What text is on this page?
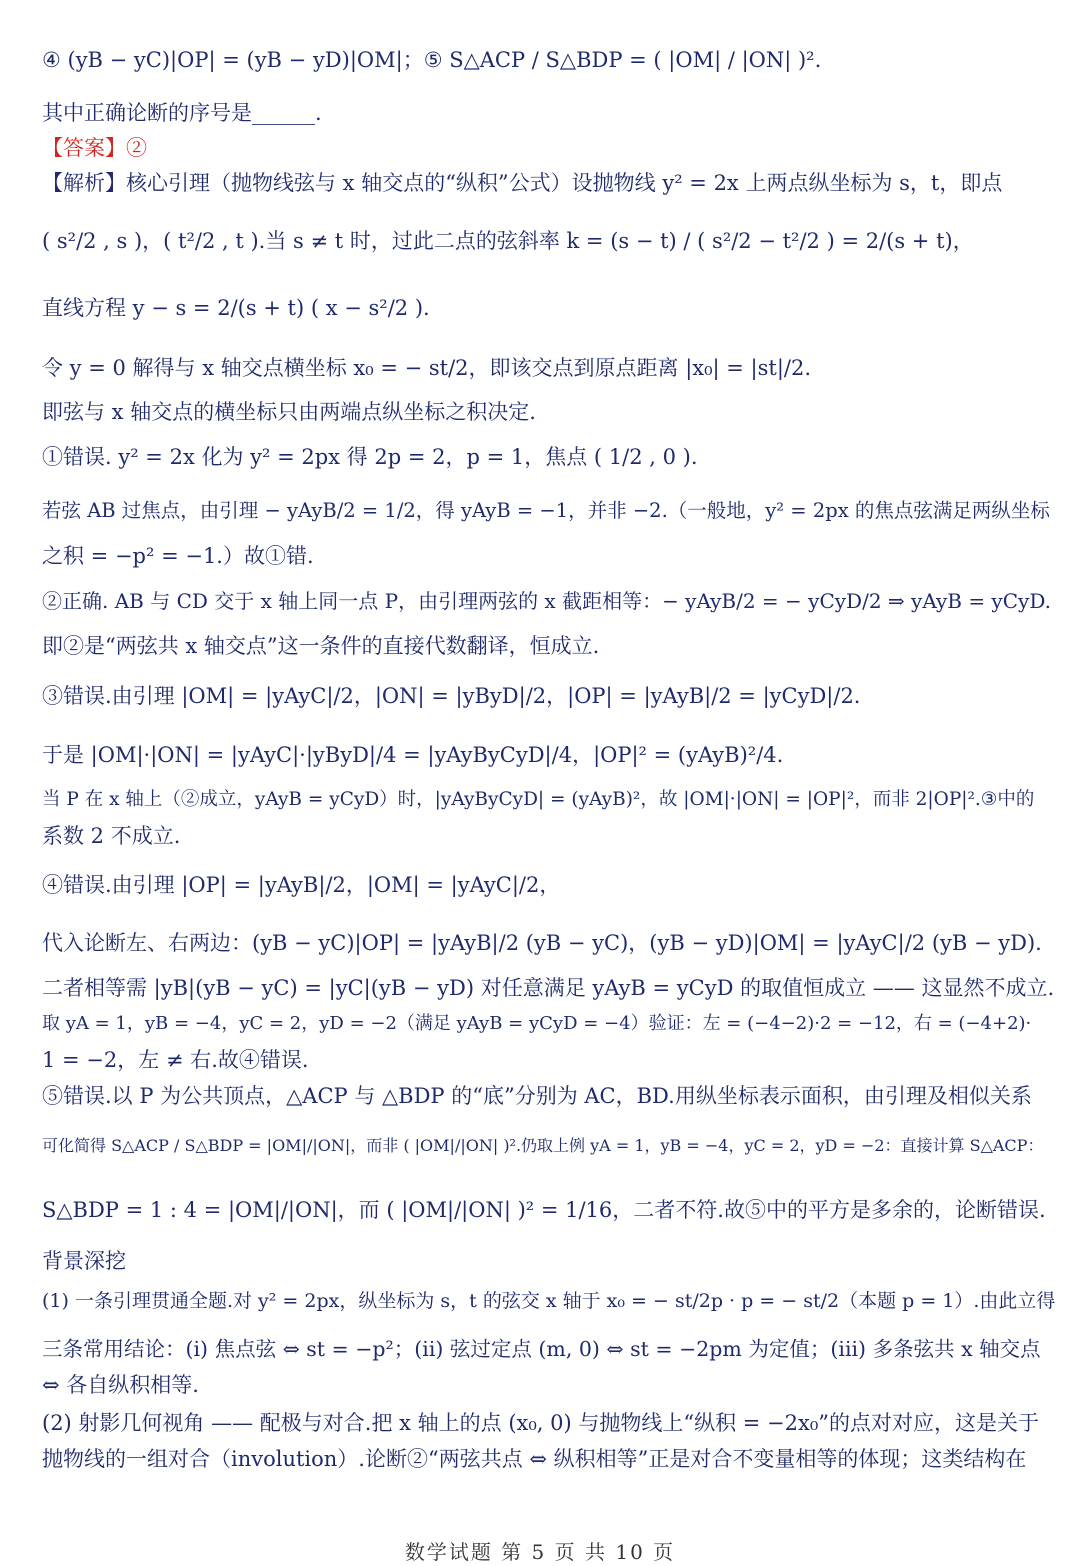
④ (yB − yC)|OP| = (yB − yD)|OM|；⑤ S△ACP / S△BDP = ( |OM| / |ON| )².
其中正确论断的序号是______.
【答案】②
【解析】核心引理（抛物线弦与 x 轴交点的“纵积”公式）设抛物线 y² = 2x 上两点纵坐标为 s，t，即点
( s²/2 , s )，( t²/2 , t ).当 s ≠ t 时，过此二点的弦斜率 k = (s − t) / ( s²/2 − t²/2 ) = 2/(s + t)，
直线方程 y − s = 2/(s + t) ( x − s²/2 ).
令 y = 0 解得与 x 轴交点横坐标 x₀ = − st/2，即该交点到原点距离 |x₀| = |st|/2.
即弦与 x 轴交点的横坐标只由两端点纵坐标之积决定.
①错误. y² = 2x 化为 y² = 2px 得 2p = 2，p = 1，焦点 ( 1/2 , 0 ).
若弦 AB 过焦点，由引理 − yAyB/2 = 1/2，得 yAyB = −1，并非 −2.（一般地，y² = 2px 的焦点弦满足两纵坐标
之积 = −p² = −1.）故①错.
②正确. AB 与 CD 交于 x 轴上同一点 P，由引理两弦的 x 截距相等：− yAyB/2 = − yCyD/2 ⇒ yAyB = yCyD.
即②是“两弦共 x 轴交点”这一条件的直接代数翻译，恒成立.
③错误.由引理 |OM| = |yAyC|/2，|ON| = |yByD|/2，|OP| = |yAyB|/2 = |yCyD|/2.
于是 |OM|·|ON| = |yAyC|·|yByD|/4 = |yAyByCyD|/4，|OP|² = (yAyB)²/4.
当 P 在 x 轴上（②成立，yAyB = yCyD）时，|yAyByCyD| = (yAyB)²，故 |OM|·|ON| = |OP|²，而非 2|OP|².③中的
系数 2 不成立.
④错误.由引理 |OP| = |yAyB|/2，|OM| = |yAyC|/2，
代入论断左、右两边：(yB − yC)|OP| = |yAyB|/2 (yB − yC)，(yB − yD)|OM| = |yAyC|/2 (yB − yD).
二者相等需 |yB|(yB − yC) = |yC|(yB − yD) 对任意满足 yAyB = yCyD 的取值恒成立 —— 这显然不成立.
取 yA = 1，yB = −4，yC = 2，yD = −2（满足 yAyB = yCyD = −4）验证：左 = (−4−2)·2 = −12，右 = (−4+2)·
1 = −2，左 ≠ 右.故④错误.
⑤错误.以 P 为公共顶点，△ACP 与 △BDP 的“底”分别为 AC，BD.用纵坐标表示面积，由引理及相似关系
可化简得 S△ACP / S△BDP = |OM|/|ON|，而非 ( |OM|/|ON| )².仍取上例 yA = 1，yB = −4，yC = 2，yD = −2：直接计算 S△ACP：
S△BDP = 1 : 4 = |OM|/|ON|，而 ( |OM|/|ON| )² = 1/16，二者不符.故⑤中的平方是多余的，论断错误.
背景深挖
(1) 一条引理贯通全题.对 y² = 2px，纵坐标为 s，t 的弦交 x 轴于 x₀ = − st/2p · p = − st/2（本题 p = 1）.由此立得
三条常用结论：(i) 焦点弦 ⇔ st = −p²；(ii) 弦过定点 (m, 0) ⇔ st = −2pm 为定值；(iii) 多条弦共 x 轴交点
⇔ 各自纵积相等.
(2) 射影几何视角 —— 配极与对合.把 x 轴上的点 (x₀, 0) 与抛物线上“纵积 = −2x₀”的点对对应，这是关于
抛物线的一组对合（involution）.论断②“两弦共点 ⇔ 纵积相等”正是对合不变量相等的体现；这类结构在
数学试题 第 5 页 共 10 页
